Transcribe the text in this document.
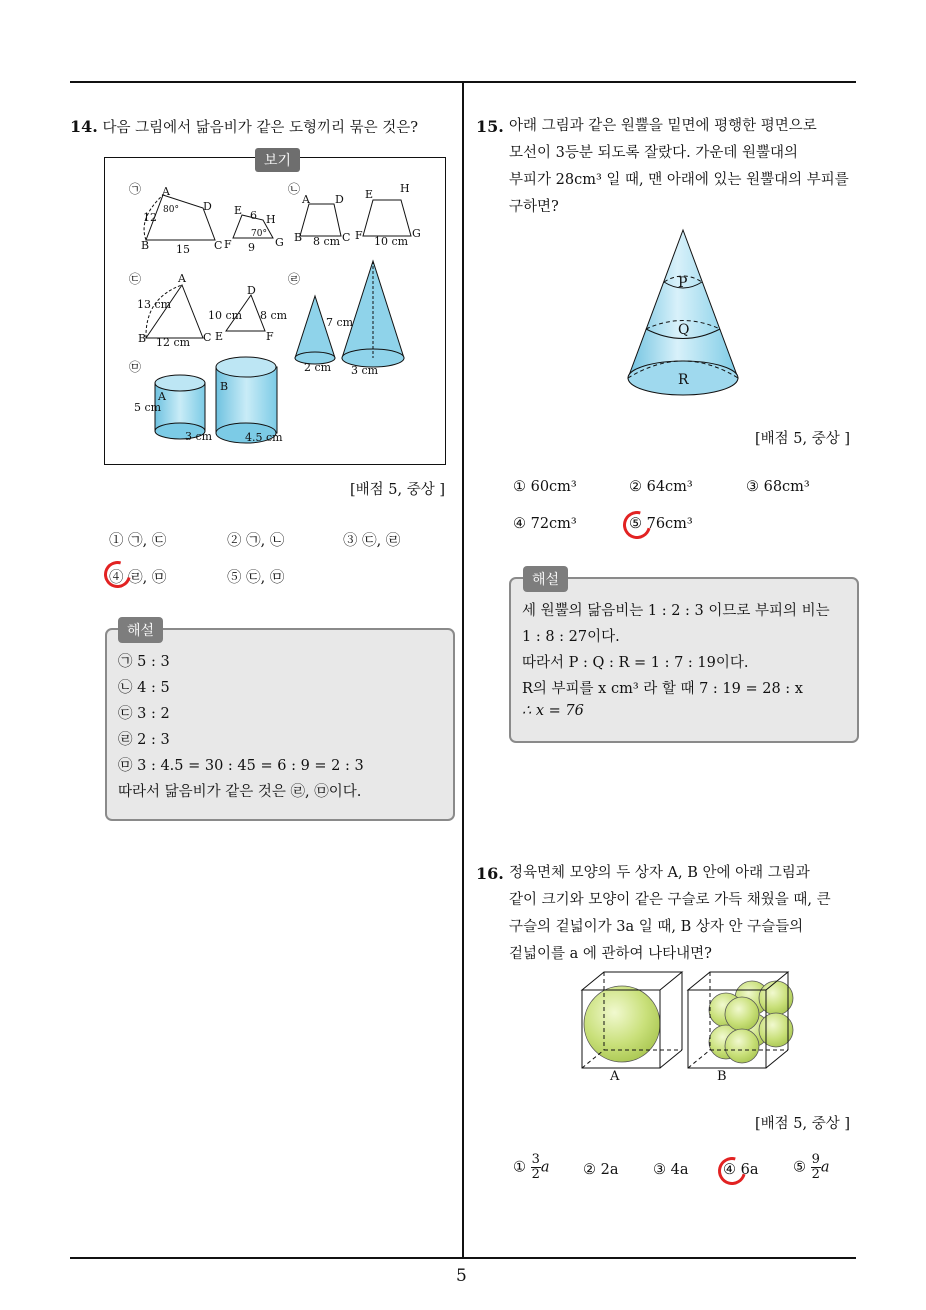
5
14. 다음 그림에서 닮음비가 같은 도형끼리 묶은 것은?
보기
㉠ A
80° D
12
B 15 C
E 6 H
70°
F 9 G
㉡
A D
B 8 cm C
E H
F 10 cm
G
㉢	A
13 cm
B 12 cm C
D
10 cm 8 cm
E	F
㉣
7 cm
2 cm 3 cm
㉤
A
B
5 cm
3 cm	4.5 cm
[배점 5, 중상 ]
① ㉠, ㉢	② ㉠, ㉡	③ ㉢, ㉣
④ ㉣, ㉤	⑤ ㉢, ㉤
해설
㉠ 5 : 3
㉡ 4 : 5
㉢ 3 : 2
㉣ 2 : 3
㉤ 3 : 4.5 = 30 : 45 = 6 : 9 = 2 : 3
따라서 닮음비가 같은 것은 ㉣, ㉤이다.
15. 아래 그림과 같은 원뿔을 밑면에 평행한 평면으로
모선이 3등분 되도록 잘랐다. 가운데 원뿔대의
부피가 28cm³ 일 때, 맨 아래에 있는 원뿔대의 부피를
구하면?
P
Q
R
[배점 5, 중상 ]
① 60cm³	② 64cm³	③ 68cm³
④ 72cm³	⑤ 76cm³
해설
세 원뿔의 닮음비는 1 : 2 : 3 이므로 부피의 비는
1 : 8 : 27이다.
따라서 P : Q : R = 1 : 7 : 19이다.
R의 부피를 x cm³ 라 할 때 7 : 19 = 28 : x
∴ x = 76
16. 정육면체 모양의 두 상자 A, B 안에 아래 그림과
같이 크기와 모양이 같은 구슬로 가득 채웠을 때, 큰
구슬의 겉넓이가 3a 일 때, B 상자 안 구슬들의
겉넓이를 a 에 관하여 나타내면?
A	B
[배점 5, 중상 ]
① $\frac{3}{2}$ a ② 2a ③ 4a ④ 6a ⑤ $\frac{9}{2}$ a
